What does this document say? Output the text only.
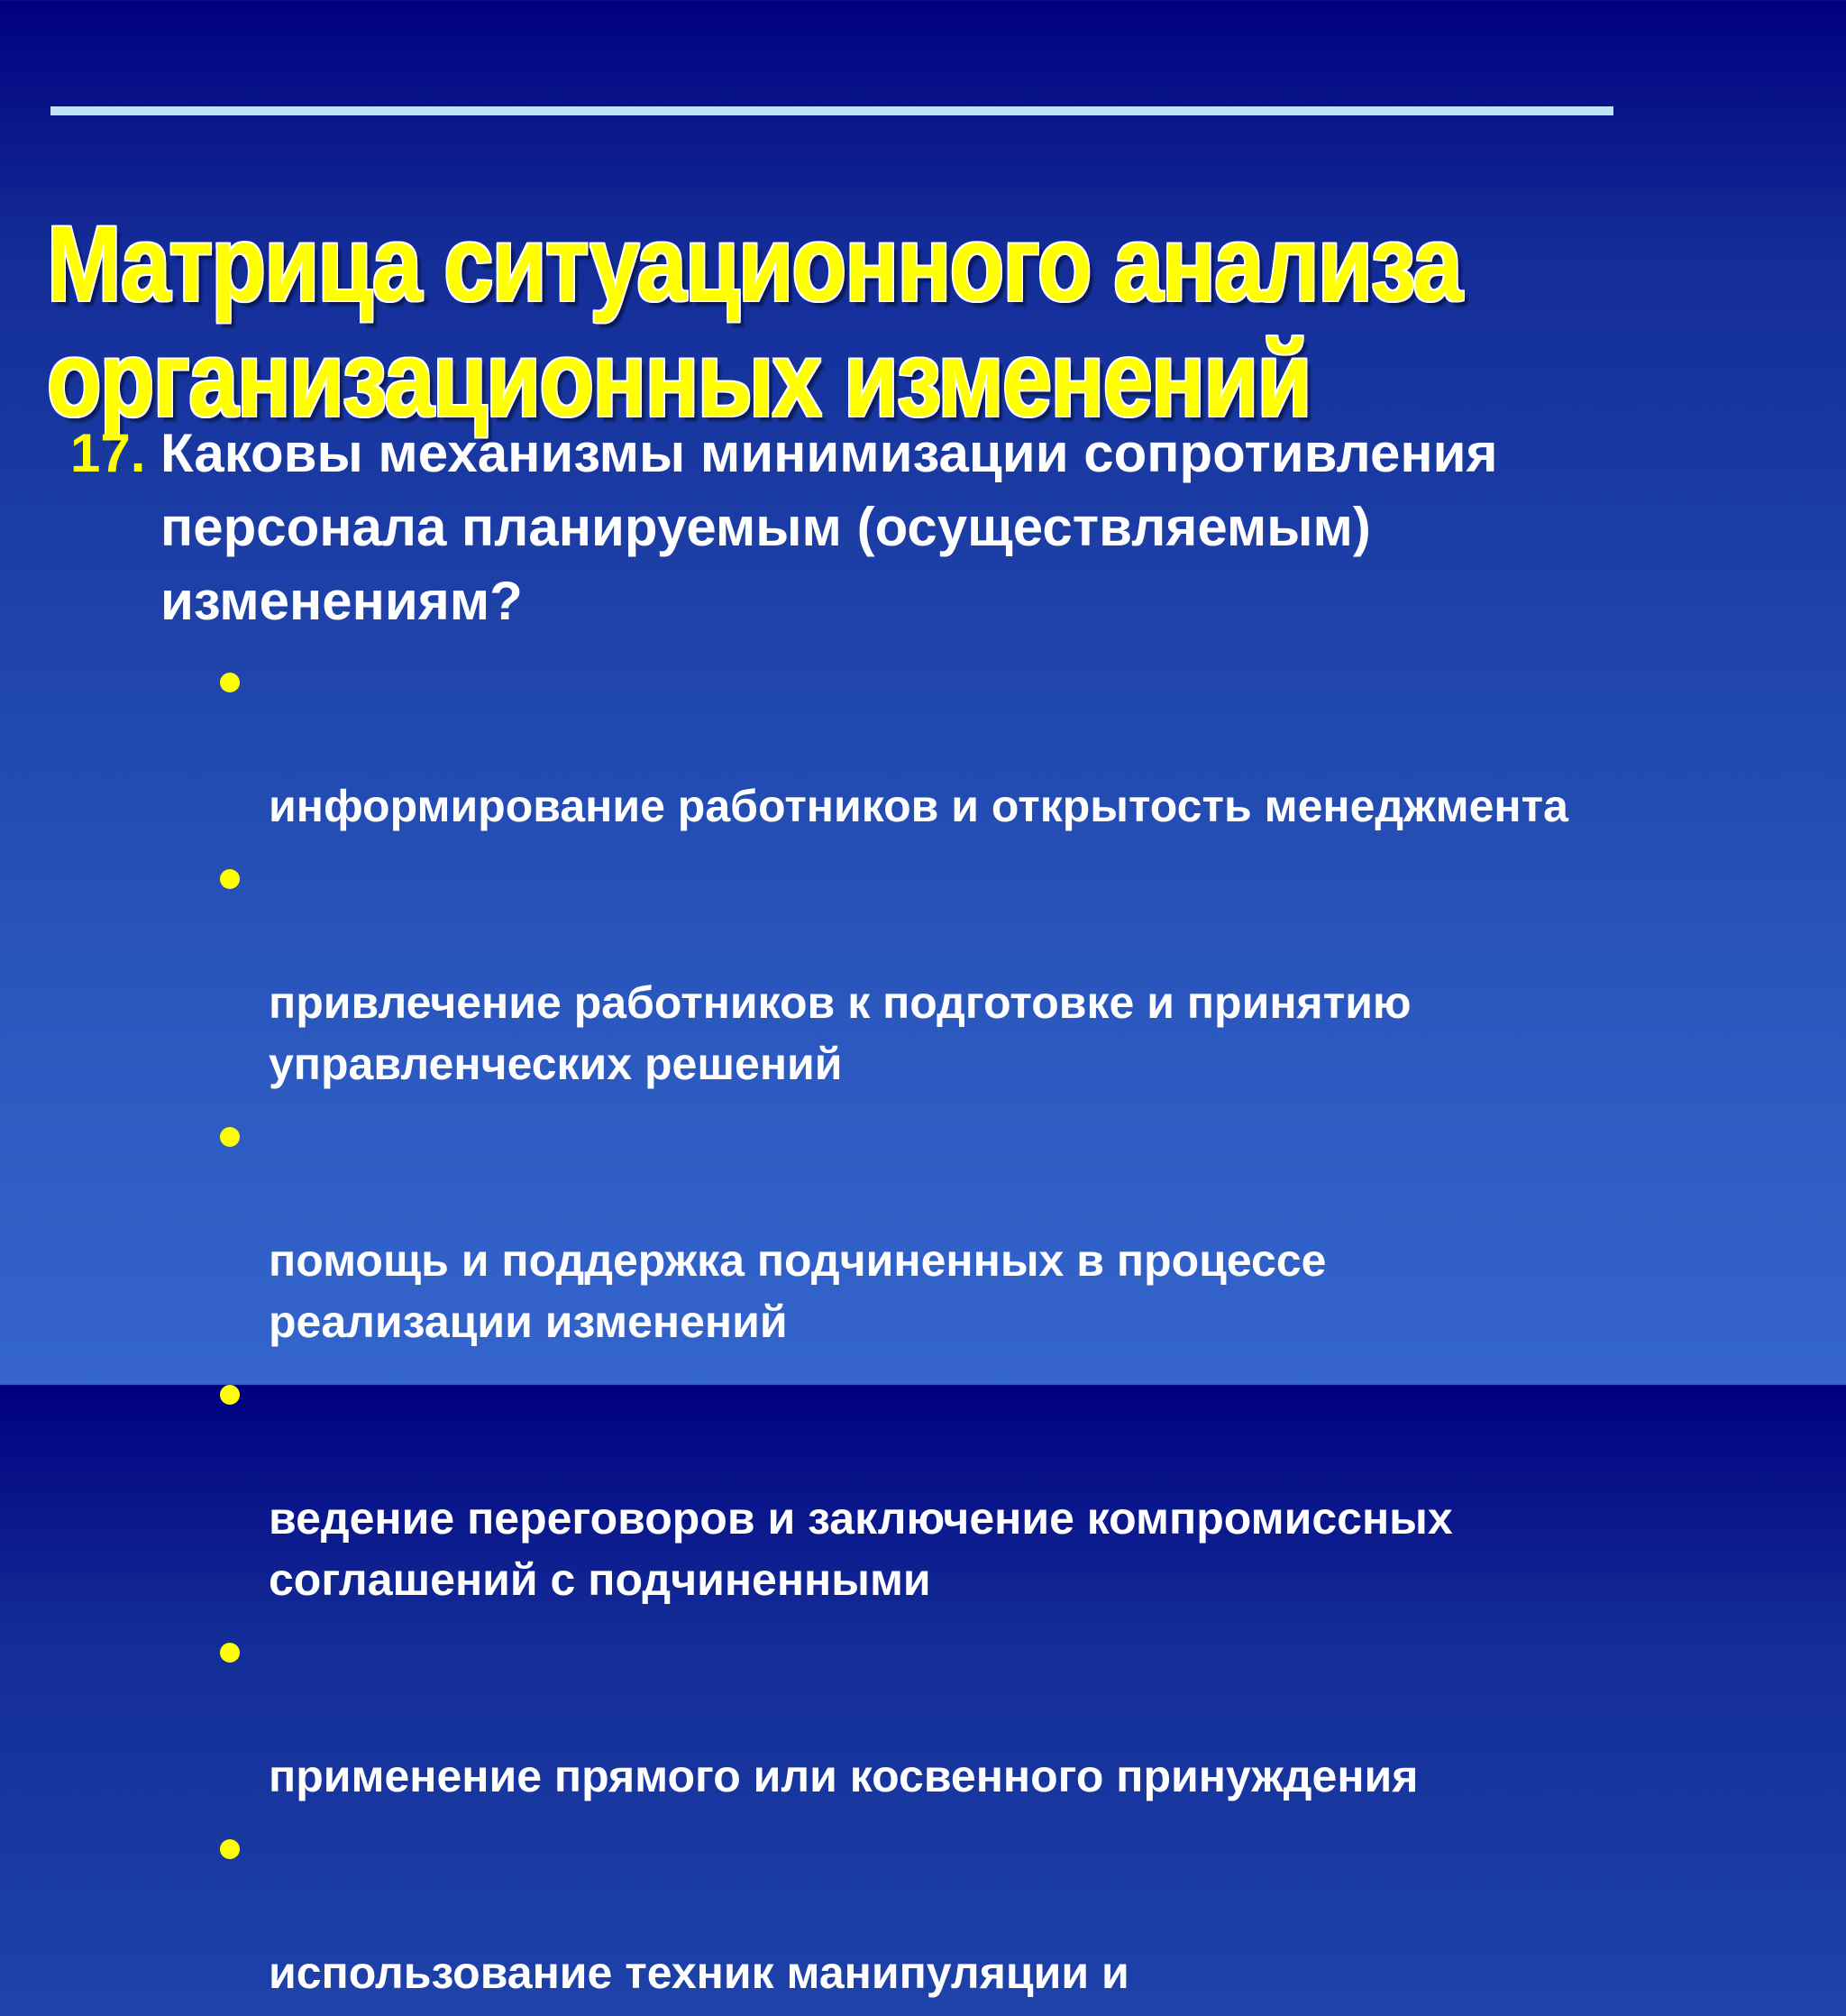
Матрица ситуационного анализа
организационных изменений
17. Каковы механизмы минимизации сопротивления
персонала планируемым (осуществляемым)
изменениям?

информирование работников и открытость менеджмента

привлечение работников к подготовке и принятию
управленческих решений

помощь и поддержка подчиненных в процессе
реализации изменений

ведение переговоров и заключение компромиссных
соглашений с подчиненными

применение прямого или косвенного принуждения

использование техник манипуляции и
